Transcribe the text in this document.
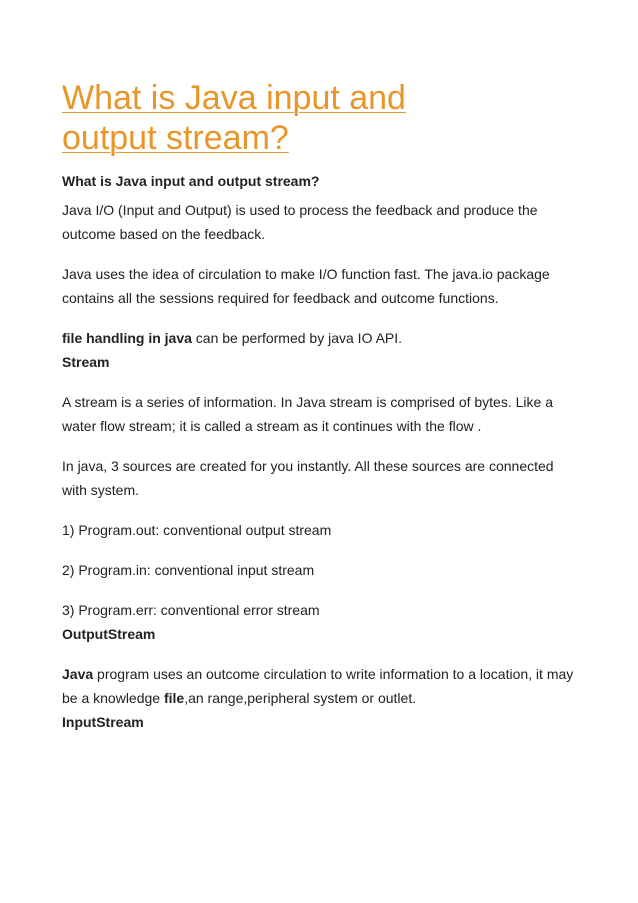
What is Java input and
output stream?
What is Java input and output stream?

Java I/O (Input and Output) is used to process the feedback and produce the outcome based on the feedback.

Java uses the idea of circulation to make I/O function fast. The java.io package contains all the sessions required for feedback and outcome functions.

file handling in java can be performed by java IO API.

Stream

A stream is a series of information. In Java stream is comprised of bytes. Like a water flow stream; it is called a stream as it continues with the flow .

In java, 3 sources are created for you instantly. All these sources are connected with system.

1) Program.out: conventional output stream

2) Program.in: conventional input stream

3) Program.err: conventional error stream

OutputStream

Java program uses an outcome circulation to write information to a location, it may be a knowledge file,an range,peripheral system or outlet.

InputStream
